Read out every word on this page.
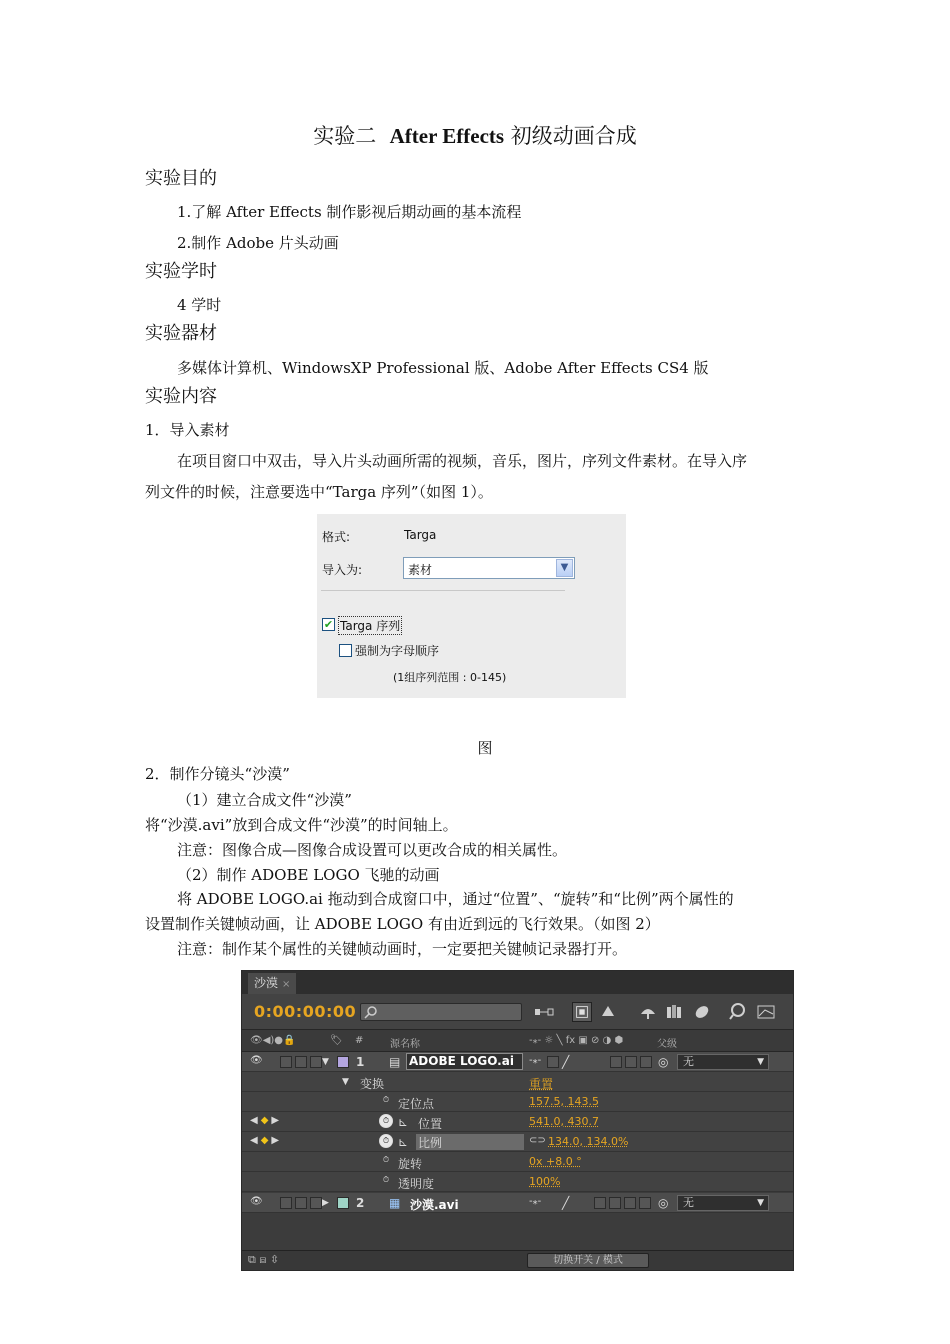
实验二 After Effects 初级动画合成
实验目的
1.了解 After Effects 制作影视后期动画的基本流程
2.制作 Adobe 片头动画
实验学时
4 学时
实验器材
多媒体计算机、WindowsXP Professional 版、Adobe After Effects CS4 版
实验内容
1．导入素材
在项目窗口中双击，导入片头动画所需的视频，音乐，图片，序列文件素材。在导入序
列文件的时候，注意要选中“Targa 序列”（如图 1）。
格式:	Targa
导入为:	素材	▼
✔ Targa 序列
强制为字母顺序
(1组序列范围 : 0-145)
图
2．制作分镜头“沙漠”
（1）建立合成文件“沙漠”
将“沙漠.avi”放到合成文件“沙漠”的时间轴上。
注意：图像合成—图像合成设置可以更改合成的相关属性。
（2）制作 ADOBE LOGO 飞驰的动画
将 ADOBE LOGO.ai 拖动到合成窗口中，通过“位置”、“旋转”和“比例”两个属性的
设置制作关键帧动画，让 ADOBE LOGO 有由近到远的飞行效果。（如图 2）
注意：制作某个属性的关键帧动画时，一定要把关键帧记录器打开。
沙漠 ×
0:00:00:00
👁◀)●🔒	🏷 #	源名称	-⁎- ☼ ╲ fx ▣ ⊘ ◑ ⬢	父级
👁	▼ 1 ▤ ADOBE LOGO.ai	-⁎- ╱	◎	无	▼
▼ 变换	重置
⏱ 定位点	157.5, 143.5
◀◆▶	⏱ ⊾ 位置	541.0, 430.7
◀◆▶	⏱ ⊾ 比例	⊂⊃ 134.0, 134.0%
⏱ 旋转	0x +8.0 °
⏱ 透明度	100%
👁	▶ 2 ▦ 沙漠.avi	-⁎- ╱	◎	无	▼
⧉ ⧈ ⇳	切换开关 / 模式
